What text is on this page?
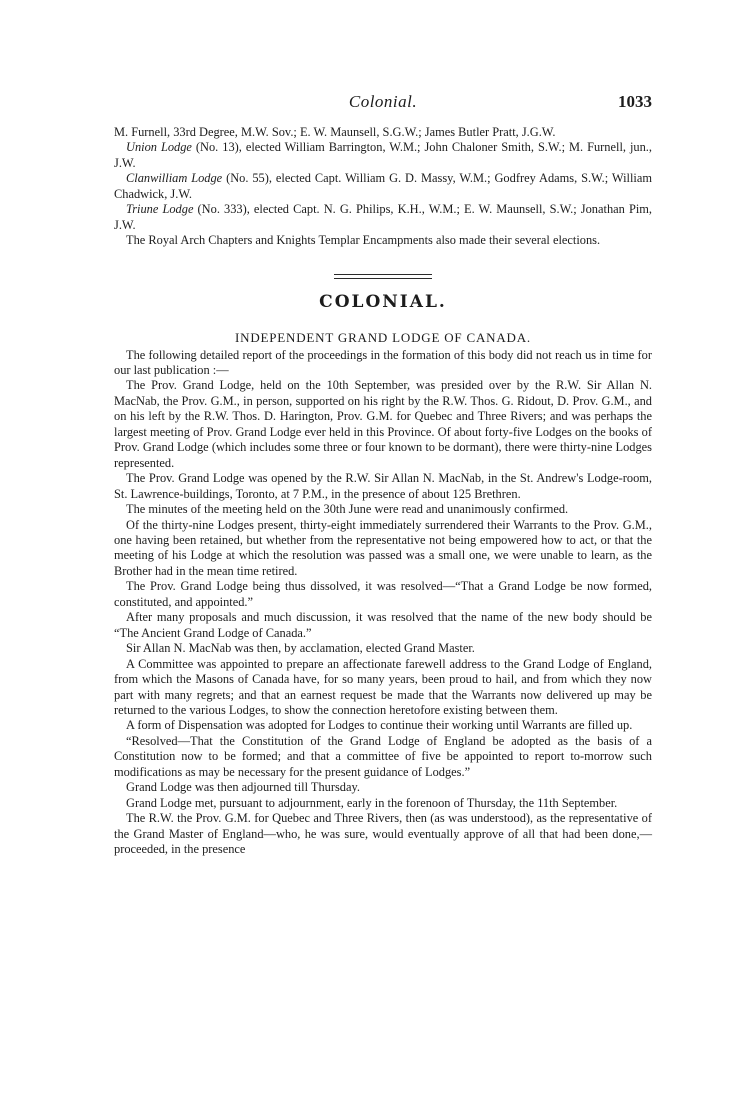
Colonial.	1033

M. Furnell, 33rd Degree, M.W. Sov.; E. W. Maunsell, S.G.W.; James Butler Pratt, J.G.W.

Union Lodge (No. 13), elected William Barrington, W.M.; John Chaloner Smith, S.W.; M. Furnell, jun., J.W.

Clanwilliam Lodge (No. 55), elected Capt. William G. D. Massy, W.M.; Godfrey Adams, S.W.; William Chadwick, J.W.

Triune Lodge (No. 333), elected Capt. N. G. Philips, K.H., W.M.; E. W. Maunsell, S.W.; Jonathan Pim, J.W.

The Royal Arch Chapters and Knights Templar Encampments also made their several elections.

COLONIAL.
INDEPENDENT GRAND LODGE OF CANADA.

The following detailed report of the proceedings in the formation of this body did not reach us in time for our last publication :—

The Prov. Grand Lodge, held on the 10th September, was presided over by the R.W. Sir Allan N. MacNab, the Prov. G.M., in person, supported on his right by the R.W. Thos. G. Ridout, D. Prov. G.M., and on his left by the R.W. Thos. D. Harington, Prov. G.M. for Quebec and Three Rivers; and was perhaps the largest meeting of Prov. Grand Lodge ever held in this Province. Of about forty-five Lodges on the books of Prov. Grand Lodge (which includes some three or four known to be dormant), there were thirty-nine Lodges represented.

The Prov. Grand Lodge was opened by the R.W. Sir Allan N. MacNab, in the St. Andrew's Lodge-room, St. Lawrence-buildings, Toronto, at 7 P.M., in the presence of about 125 Brethren.

The minutes of the meeting held on the 30th June were read and unanimously confirmed.

Of the thirty-nine Lodges present, thirty-eight immediately surrendered their Warrants to the Prov. G.M., one having been retained, but whether from the representative not being empowered how to act, or that the meeting of his Lodge at which the resolution was passed was a small one, we were unable to learn, as the Brother had in the mean time retired.

The Prov. Grand Lodge being thus dissolved, it was resolved—“That a Grand Lodge be now formed, constituted, and appointed.”

After many proposals and much discussion, it was resolved that the name of the new body should be “The Ancient Grand Lodge of Canada.”

Sir Allan N. MacNab was then, by acclamation, elected Grand Master.

A Committee was appointed to prepare an affectionate farewell address to the Grand Lodge of England, from which the Masons of Canada have, for so many years, been proud to hail, and from which they now part with many regrets; and that an earnest request be made that the Warrants now delivered up may be returned to the various Lodges, to show the connection heretofore existing between them.

A form of Dispensation was adopted for Lodges to continue their working until Warrants are filled up.

“Resolved—That the Constitution of the Grand Lodge of England be adopted as the basis of a Constitution now to be formed; and that a committee of five be appointed to report to-morrow such modifications as may be necessary for the present guidance of Lodges.”

Grand Lodge was then adjourned till Thursday.

Grand Lodge met, pursuant to adjournment, early in the forenoon of Thursday, the 11th September.

The R.W. the Prov. G.M. for Quebec and Three Rivers, then (as was understood), as the representative of the Grand Master of England—who, he was sure, would eventually approve of all that had been done,—proceeded, in the presence
